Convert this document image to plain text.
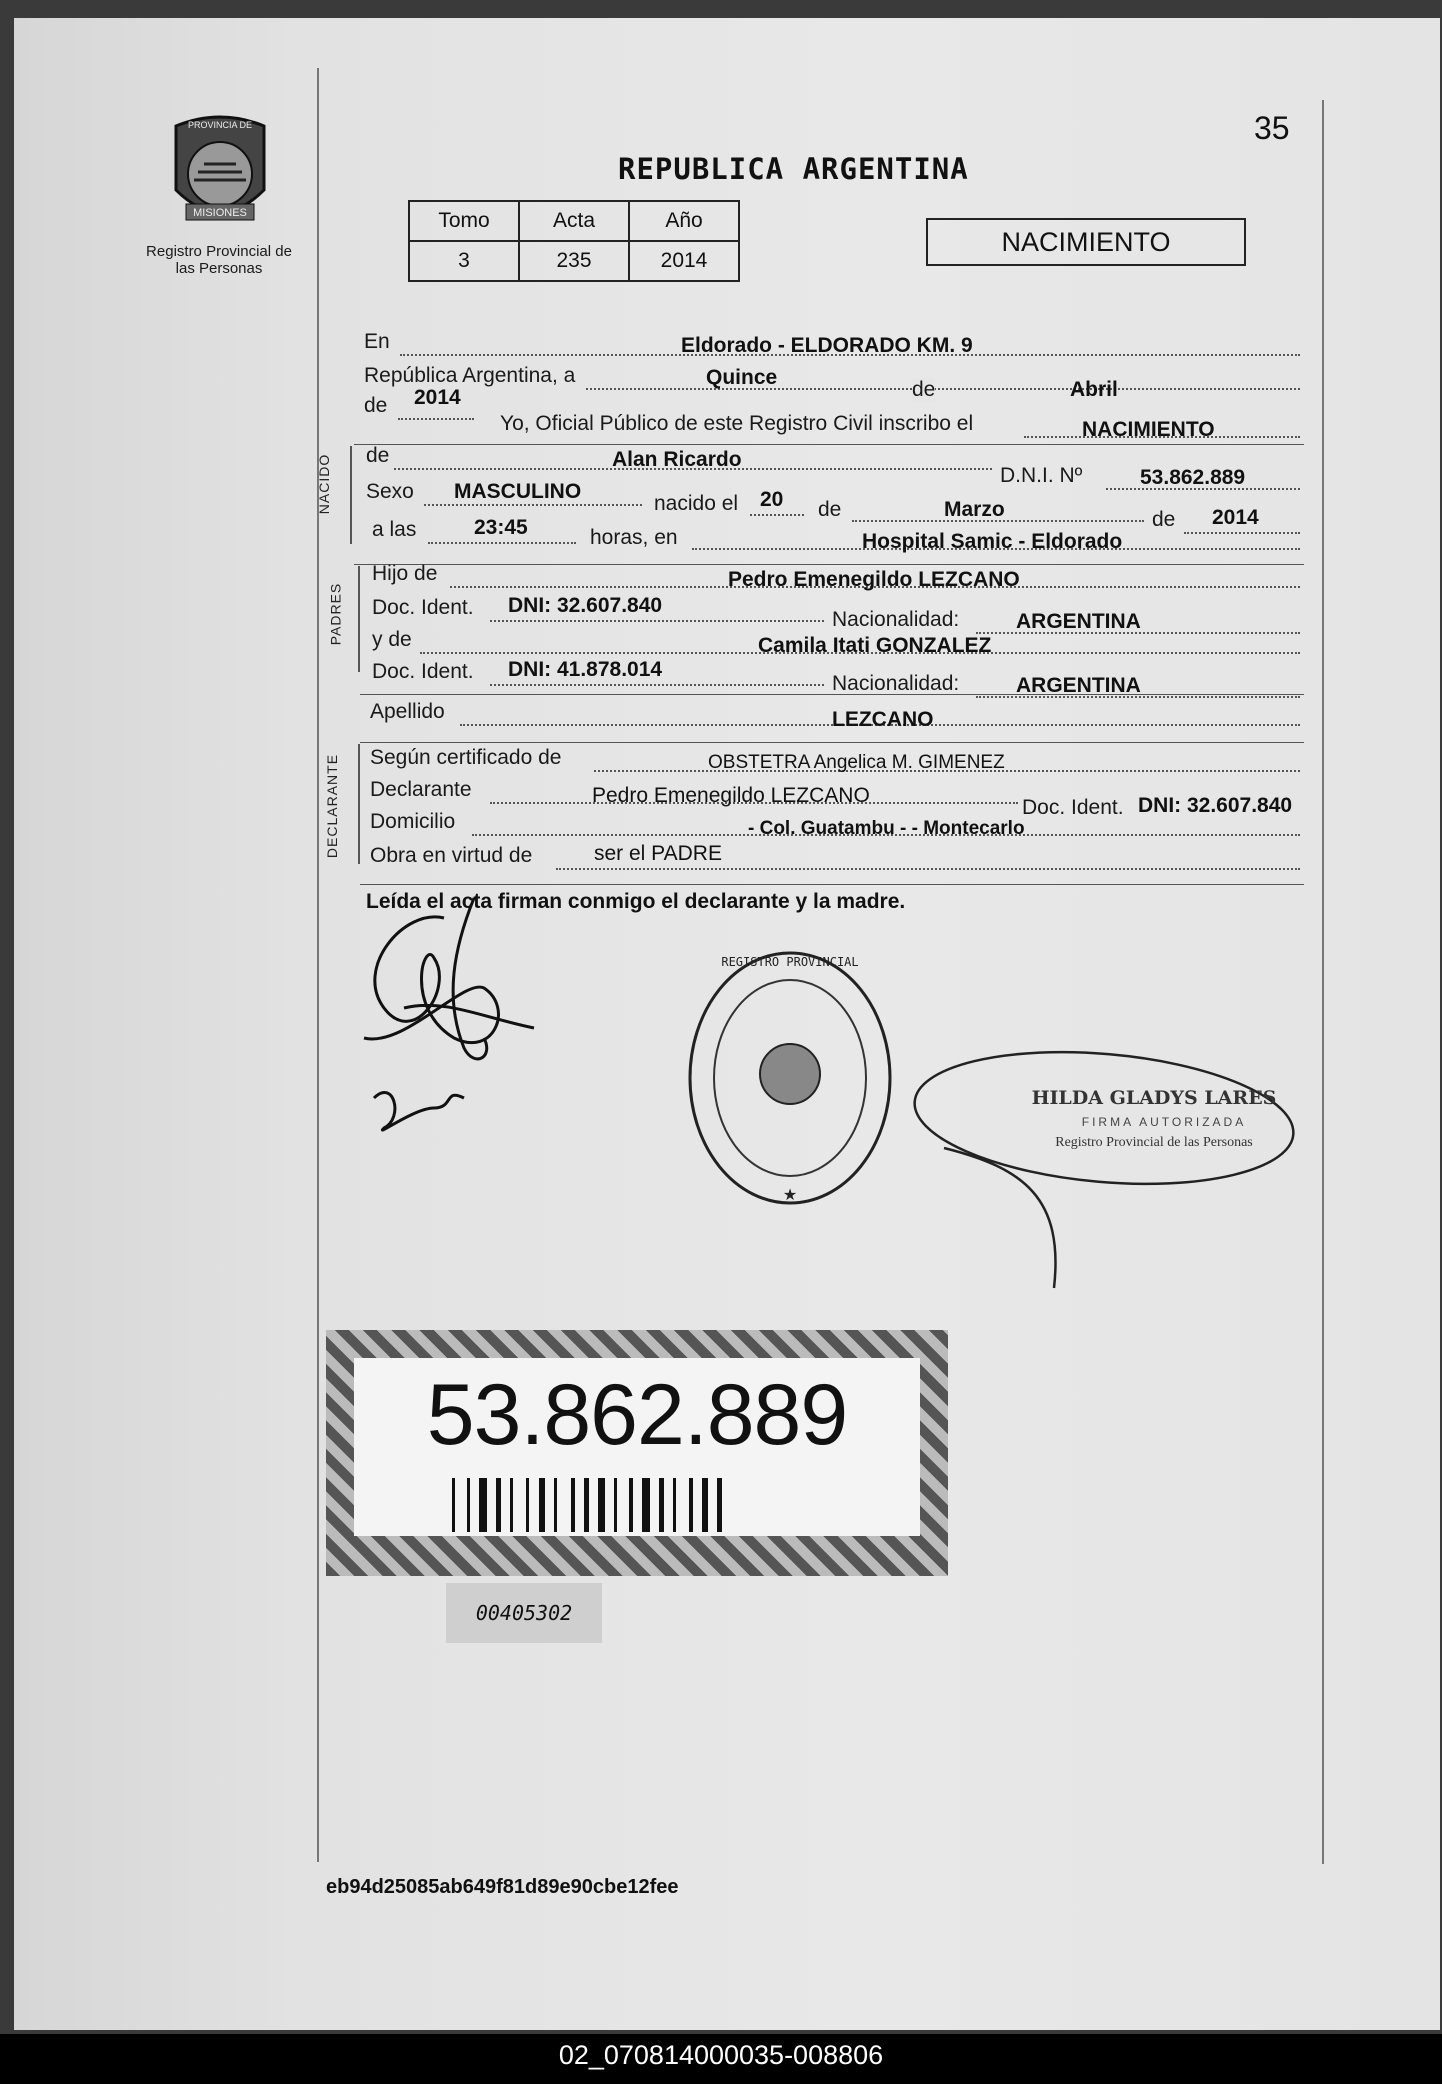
PROVINCIA DE
MISIONES
Registro Provincial de las Personas
35
REPUBLICA ARGENTINA
Tomo	Acta	Año
3	235	2014
NACIMIENTO
En	Eldorado - ELDORADO KM. 9
República Argentina, a	Quince
de	Abril
de 2014
Yo, Oficial Público de este Registro Civil inscribo el	NACIMIENTO
NACIDO de	Alan Ricardo
D.N.I. Nº	53.862.889
Sexo MASCULINO
nacido el 20 de	Marzo	de 2014
a las	23:45	horas, en	Hospital Samic - Eldorado
PADRES
Hijo de	Pedro Emenegildo LEZCANO
Doc. Ident. DNI: 32.607.840
Nacionalidad:	ARGENTINA
y de	Camila Itati GONZALEZ
Doc. Ident. DNI: 41.878.014
Nacionalidad:	ARGENTINA
Apellido	LEZCANO
DECLARANTE Según certificado de	OBSTETRA Angelica M. GIMENEZ
Declarante	Pedro Emenegildo LEZCANO
Doc. Ident. DNI: 32.607.840
Domicilio	- Col. Guatambu - - Montecarlo
Obra en virtud de	ser el PADRE
Leída el acta firman conmigo el declarante y la madre.
REGISTRO PROVINCIAL
★
HILDA GLADYS LARES
FIRMA AUTORIZADA
Registro Provincial de las Personas
53.862.889
00405302
eb94d25085ab649f81d89e90cbe12fee
02_070814000035-008806
